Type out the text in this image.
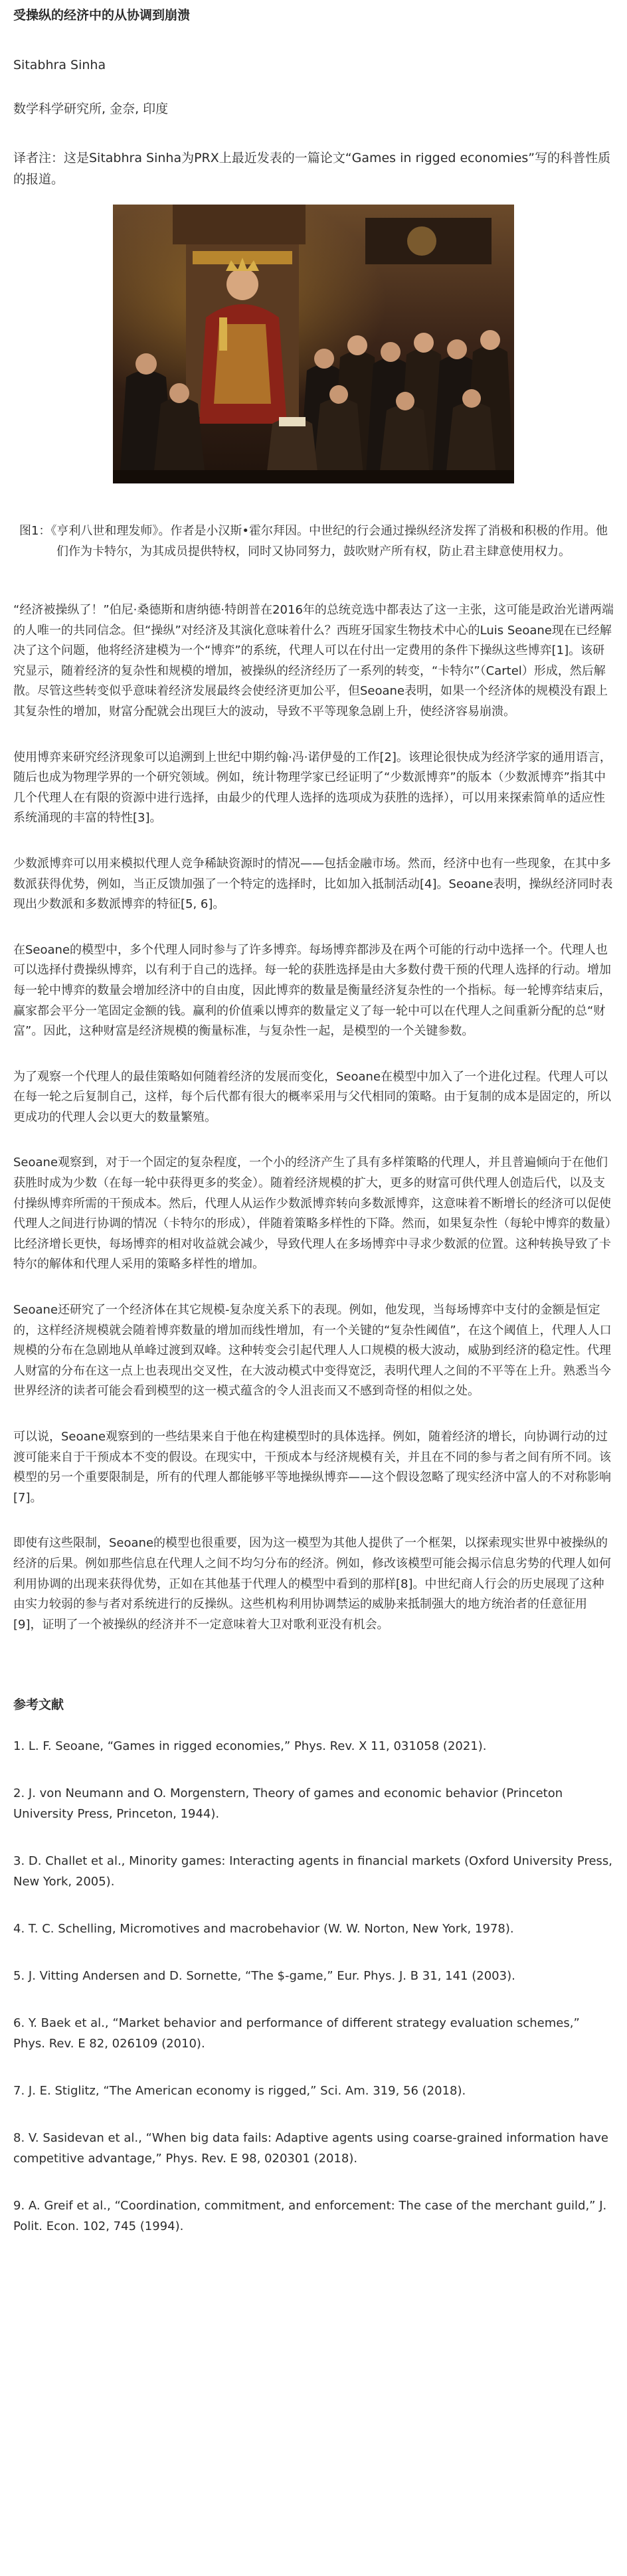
受操纵的经济中的从协调到崩溃

Sitabhra Sinha

数学科学研究所, 金奈, 印度

译者注：这是Sitabhra Sinha为PRX上最近发表的一篇论文“Games in rigged economies”写的科普性质的报道。

图1：《亨利八世和理发师》。作者是小汉斯•霍尔拜因。中世纪的行会通过操纵经济发挥了消极和积极的作用。他们作为卡特尔，为其成员提供特权，同时又协同努力，鼓吹财产所有权，防止君主肆意使用权力。

“经济被操纵了！”伯尼·桑德斯和唐纳德·特朗普在2016年的总统竞选中都表达了这一主张，这可能是政治光谱两端的人唯一的共同信念。但“操纵”对经济及其演化意味着什么？西班牙国家生物技术中心的Luis Seoane现在已经解决了这个问题，他将经济建模为一个“博弈”的系统，代理人可以在付出一定费用的条件下操纵这些博弈[1]。该研究显示，随着经济的复杂性和规模的增加，被操纵的经济经历了一系列的转变，“卡特尔”（Cartel）形成，然后解散。尽管这些转变似乎意味着经济发展最终会使经济更加公平，但Seoane表明，如果一个经济体的规模没有跟上其复杂性的增加，财富分配就会出现巨大的波动，导致不平等现象急剧上升，使经济容易崩溃。

使用博弈来研究经济现象可以追溯到上世纪中期约翰·冯·诺伊曼的工作[2]。该理论很快成为经济学家的通用语言，随后也成为物理学界的一个研究领域。例如，统计物理学家已经证明了“少数派博弈”的版本（少数派博弈”指其中几个代理人在有限的资源中进行选择，由最少的代理人选择的选项成为获胜的选择），可以用来探索简单的适应性系统涌现的丰富的特性[3]。

少数派博弈可以用来模拟代理人竞争稀缺资源时的情况——包括金融市场。然而，经济中也有一些现象，在其中多数派获得优势，例如，当正反馈加强了一个特定的选择时，比如加入抵制活动[4]。Seoane表明，操纵经济同时表现出少数派和多数派博弈的特征[5, 6]。

在Seoane的模型中，多个代理人同时参与了许多博弈。每场博弈都涉及在两个可能的行动中选择一个。代理人也可以选择付费操纵博弈，以有利于自己的选择。每一轮的获胜选择是由大多数付费干预的代理人选择的行动。增加每一轮中博弈的数量会增加经济中的自由度，因此博弈的数量是衡量经济复杂性的一个指标。每一轮博弈结束后，赢家都会平分一笔固定金额的钱。赢利的价值乘以博弈的数量定义了每一轮中可以在代理人之间重新分配的总“财富”。因此，这种财富是经济规模的衡量标准，与复杂性一起，是模型的一个关键参数。

为了观察一个代理人的最佳策略如何随着经济的发展而变化，Seoane在模型中加入了一个进化过程。代理人可以在每一轮之后复制自己，这样，每个后代都有很大的概率采用与父代相同的策略。由于复制的成本是固定的，所以更成功的代理人会以更大的数量繁殖。

Seoane观察到，对于一个固定的复杂程度，一个小的经济产生了具有多样策略的代理人，并且普遍倾向于在他们获胜时成为少数（在每一轮中获得更多的奖金）。随着经济规模的扩大，更多的财富可供代理人创造后代，以及支付操纵博弈所需的干预成本。然后，代理人从运作少数派博弈转向多数派博弈，这意味着不断增长的经济可以促使代理人之间进行协调的情况（卡特尔的形成），伴随着策略多样性的下降。然而，如果复杂性（每轮中博弈的数量）比经济增长更快，每场博弈的相对收益就会减少，导致代理人在多场博弈中寻求少数派的位置。这种转换导致了卡特尔的解体和代理人采用的策略多样性的增加。

Seoane还研究了一个经济体在其它规模-复杂度关系下的表现。例如，他发现，当每场博弈中支付的金额是恒定的，这样经济规模就会随着博弈数量的增加而线性增加，有一个关键的“复杂性阈值”，在这个阈值上，代理人人口规模的分布在急剧地从单峰过渡到双峰。这种转变会引起代理人人口规模的极大波动，威胁到经济的稳定性。代理人财富的分布在这一点上也表现出交叉性，在大波动模式中变得宽泛，表明代理人之间的不平等在上升。熟悉当今世界经济的读者可能会看到模型的这一模式蕴含的令人沮丧而又不感到奇怪的相似之处。

可以说，Seoane观察到的一些结果来自于他在构建模型时的具体选择。例如，随着经济的增长，向协调行动的过渡可能来自于干预成本不变的假设。在现实中，干预成本与经济规模有关，并且在不同的参与者之间有所不同。该模型的另一个重要限制是，所有的代理人都能够平等地操纵博弈——这个假设忽略了现实经济中富人的不对称影响[7]。

即使有这些限制，Seoane的模型也很重要，因为这一模型为其他人提供了一个框架，以探索现实世界中被操纵的经济的后果。例如那些信息在代理人之间不均匀分布的经济。例如，修改该模型可能会揭示信息劣势的代理人如何利用协调的出现来获得优势，正如在其他基于代理人的模型中看到的那样[8]。中世纪商人行会的历史展现了这种由实力较弱的参与者对系统进行的反操纵。这些机构利用协调禁运的威胁来抵制强大的地方统治者的任意征用[9]，证明了一个被操纵的经济并不一定意味着大卫对歌利亚没有机会。

参考文献
1. L. F. Seoane, “Games in rigged economies,” Phys. Rev. X 11, 031058 (2021).
2. J. von Neumann and O. Morgenstern, Theory of games and economic behavior (Princeton University Press, Princeton, 1944).
3. D. Challet et al., Minority games: Interacting agents in financial markets (Oxford University Press, New York, 2005).
4. T. C. Schelling, Micromotives and macrobehavior (W. W. Norton, New York, 1978).
5. J. Vitting Andersen and D. Sornette, “The $-game,” Eur. Phys. J. B 31, 141 (2003).
6. Y. Baek et al., “Market behavior and performance of different strategy evaluation schemes,” Phys. Rev. E 82, 026109 (2010).
7. J. E. Stiglitz, “The American economy is rigged,” Sci. Am. 319, 56 (2018).
8. V. Sasidevan et al., “When big data fails: Adaptive agents using coarse-grained information have competitive advantage,” Phys. Rev. E 98, 020301 (2018).
9. A. Greif et al., “Coordination, commitment, and enforcement: The case of the merchant guild,” J. Polit. Econ. 102, 745 (1994).
